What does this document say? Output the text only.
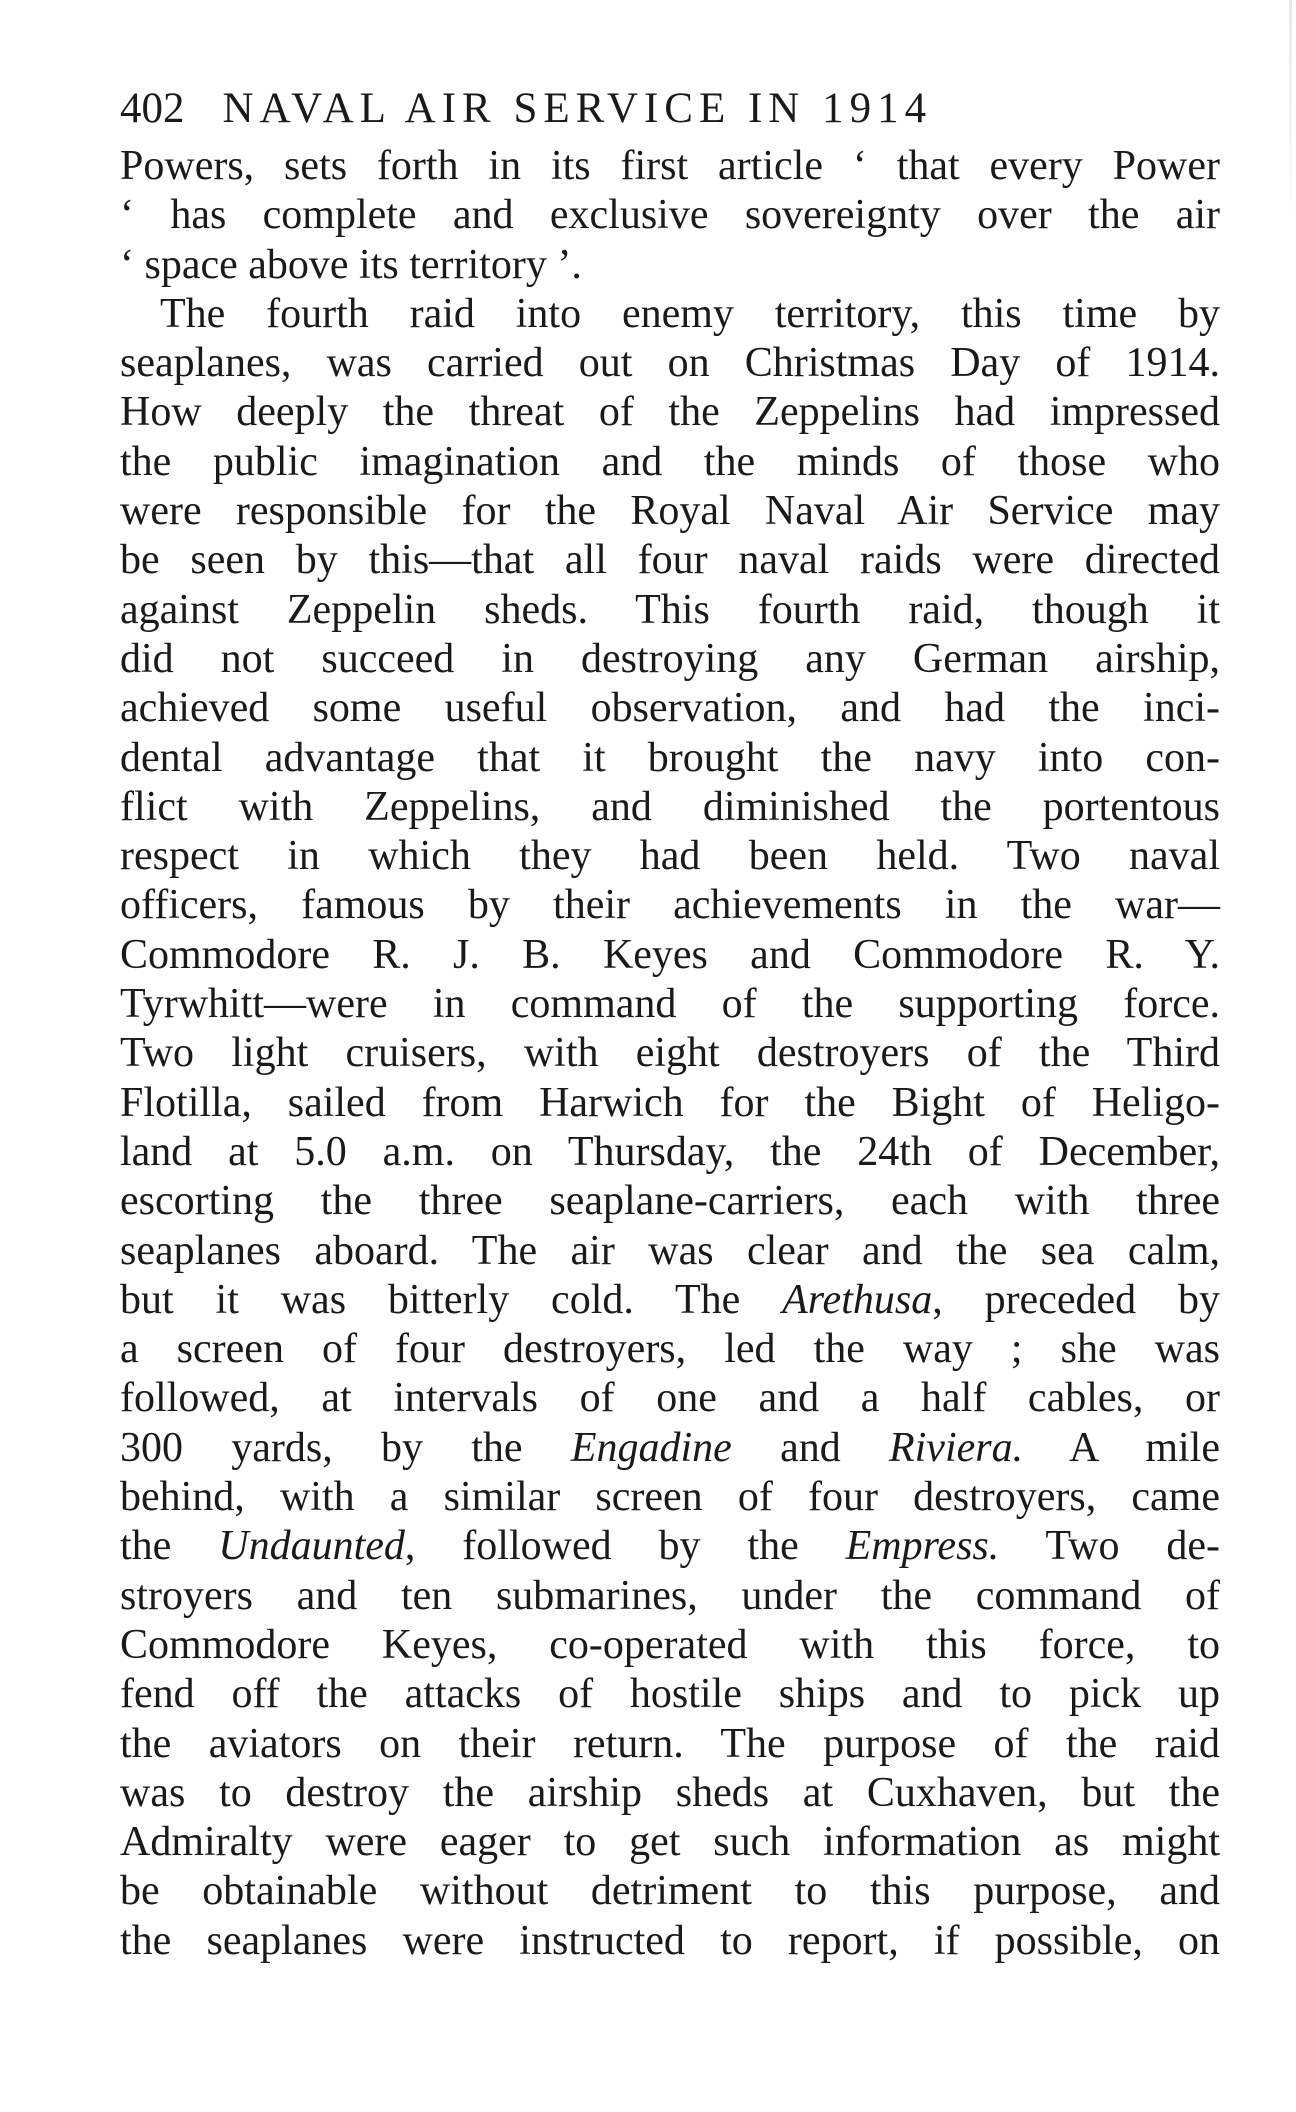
402 NAVAL AIR SERVICE IN 1914
Powers, sets forth in its first article ‘ that every Power
‘ has complete and exclusive sovereignty over the air
‘ space above its territory ’.
The fourth raid into enemy territory, this time by
seaplanes, was carried out on Christmas Day of 1914.
How deeply the threat of the Zeppelins had impressed
the public imagination and the minds of those who
were responsible for the Royal Naval Air Service may
be seen by this—that all four naval raids were directed
against Zeppelin sheds. This fourth raid, though it
did not succeed in destroying any German airship,
achieved some useful observation, and had the inci-
dental advantage that it brought the navy into con-
flict with Zeppelins, and diminished the portentous
respect in which they had been held. Two naval
officers, famous by their achievements in the war—
Commodore R. J. B. Keyes and Commodore R. Y.
Tyrwhitt—were in command of the supporting force.
Two light cruisers, with eight destroyers of the Third
Flotilla, sailed from Harwich for the Bight of Heligo-
land at 5.0 a.m. on Thursday, the 24th of December,
escorting the three seaplane-carriers, each with three
seaplanes aboard. The air was clear and the sea calm,
but it was bitterly cold. The Arethusa, preceded by
a screen of four destroyers, led the way ; she was
followed, at intervals of one and a half cables, or
300 yards, by the Engadine and Riviera. A mile
behind, with a similar screen of four destroyers, came
the Undaunted, followed by the Empress. Two de-
stroyers and ten submarines, under the command of
Commodore Keyes, co-operated with this force, to
fend off the attacks of hostile ships and to pick up
the aviators on their return. The purpose of the raid
was to destroy the airship sheds at Cuxhaven, but the
Admiralty were eager to get such information as might
be obtainable without detriment to this purpose, and
the seaplanes were instructed to report, if possible, on
